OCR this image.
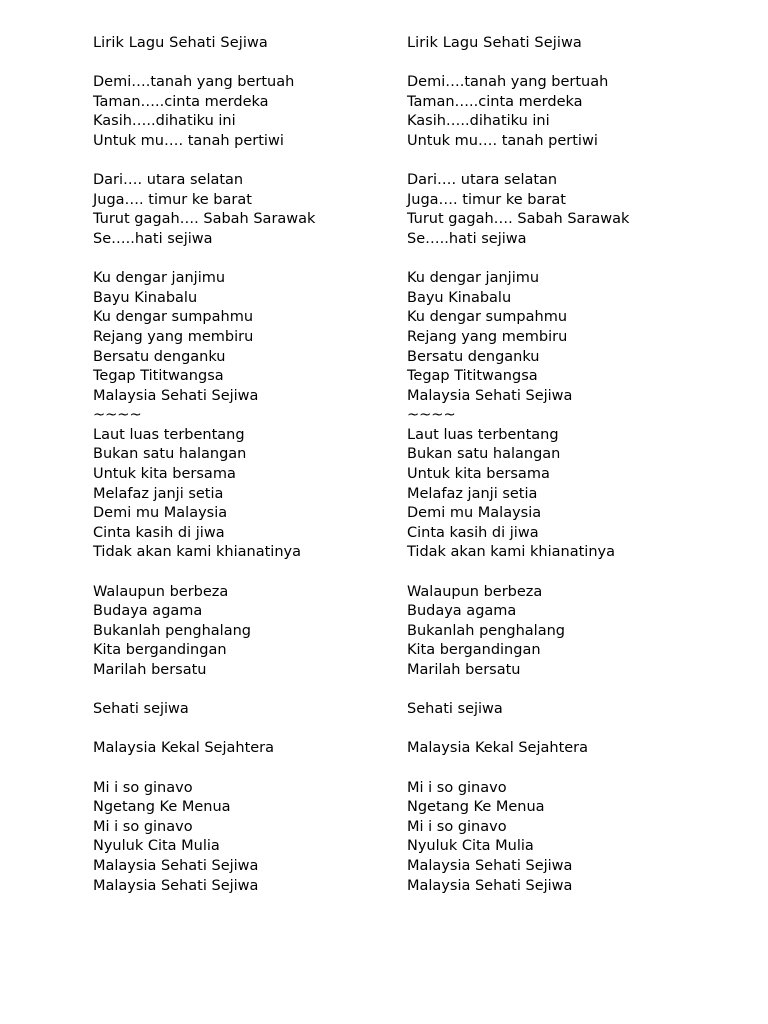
Lirik Lagu Sehati Sejiwa
Demi….tanah yang bertuah
Taman…..cinta merdeka
Kasih…..dihatiku ini
Untuk mu…. tanah pertiwi
Dari…. utara selatan
Juga…. timur ke barat
Turut gagah…. Sabah Sarawak
Se…..hati sejiwa
Ku dengar janjimu
Bayu Kinabalu
Ku dengar sumpahmu
Rejang yang membiru
Bersatu denganku
Tegap Tititwangsa
Malaysia Sehati Sejiwa
~~~~
Laut luas terbentang
Bukan satu halangan
Untuk kita bersama
Melafaz janji setia
Demi mu Malaysia
Cinta kasih di jiwa
Tidak akan kami khianatinya
Walaupun berbeza
Budaya agama
Bukanlah penghalang
Kita bergandingan
Marilah bersatu
Sehati sejiwa
Malaysia Kekal Sejahtera
Mi i so ginavo
Ngetang Ke Menua
Mi i so ginavo
Nyuluk Cita Mulia
Malaysia Sehati Sejiwa
Malaysia Sehati Sejiwa
Lirik Lagu Sehati Sejiwa
Demi….tanah yang bertuah
Taman…..cinta merdeka
Kasih…..dihatiku ini
Untuk mu…. tanah pertiwi
Dari…. utara selatan
Juga…. timur ke barat
Turut gagah…. Sabah Sarawak
Se…..hati sejiwa
Ku dengar janjimu
Bayu Kinabalu
Ku dengar sumpahmu
Rejang yang membiru
Bersatu denganku
Tegap Tititwangsa
Malaysia Sehati Sejiwa
~~~~
Laut luas terbentang
Bukan satu halangan
Untuk kita bersama
Melafaz janji setia
Demi mu Malaysia
Cinta kasih di jiwa
Tidak akan kami khianatinya
Walaupun berbeza
Budaya agama
Bukanlah penghalang
Kita bergandingan
Marilah bersatu
Sehati sejiwa
Malaysia Kekal Sejahtera
Mi i so ginavo
Ngetang Ke Menua
Mi i so ginavo
Nyuluk Cita Mulia
Malaysia Sehati Sejiwa
Malaysia Sehati Sejiwa
